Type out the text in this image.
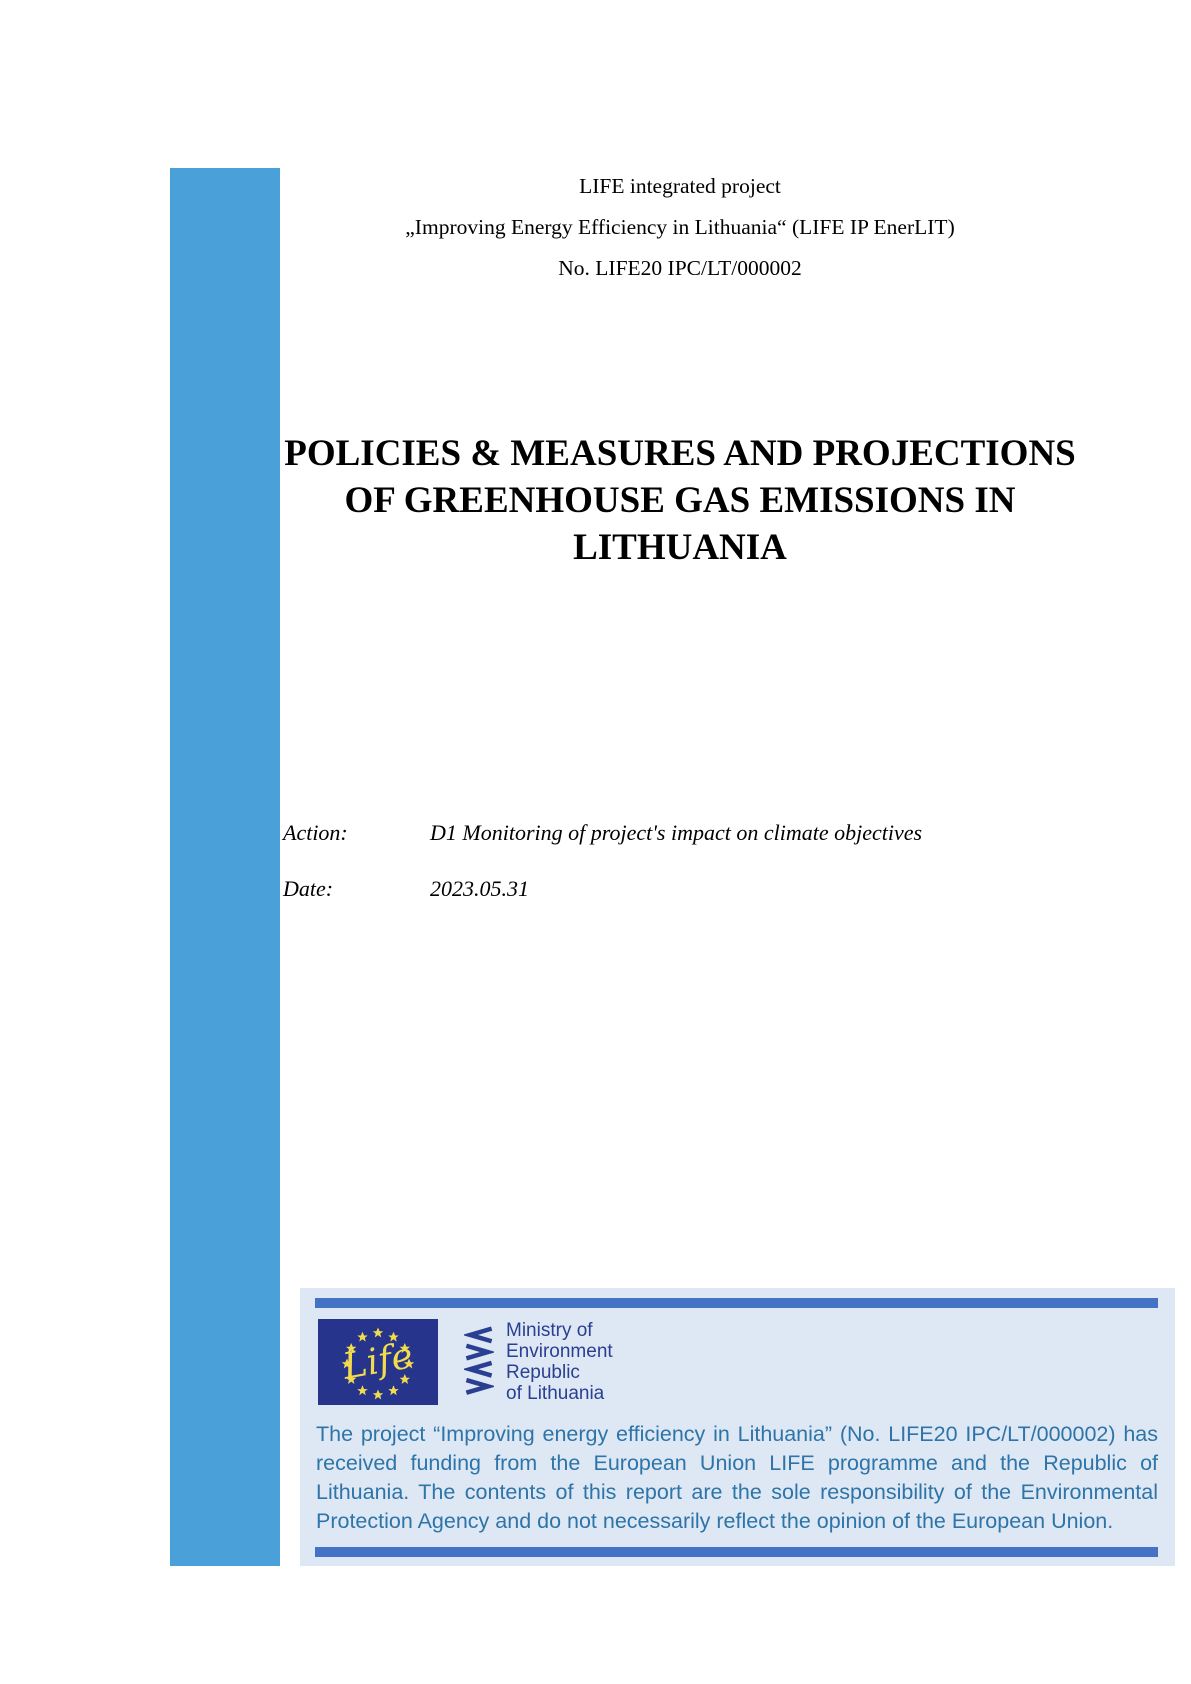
LIFE integrated project

„Improving Energy Efficiency in Lithuania“ (LIFE IP EnerLIT)

No. LIFE20 IPC/LT/000002

POLICIES & MEASURES AND PROJECTIONS
OF GREENHOUSE GAS EMISSIONS IN
LITHUANIA
Action:	D1 Monitoring of project's impact on climate objectives
Date:	2023.05.31
Life

Ministry of

Environment

Republic

of Lithuania

The project “Improving energy efficiency in Lithuania” (No. LIFE20 IPC/LT/000002) has received funding from the European Union LIFE programme and the Republic of Lithuania. The contents of this report are the sole responsibility of the Environmental Protection Agency and do not necessarily reflect the opinion of the European Union.
